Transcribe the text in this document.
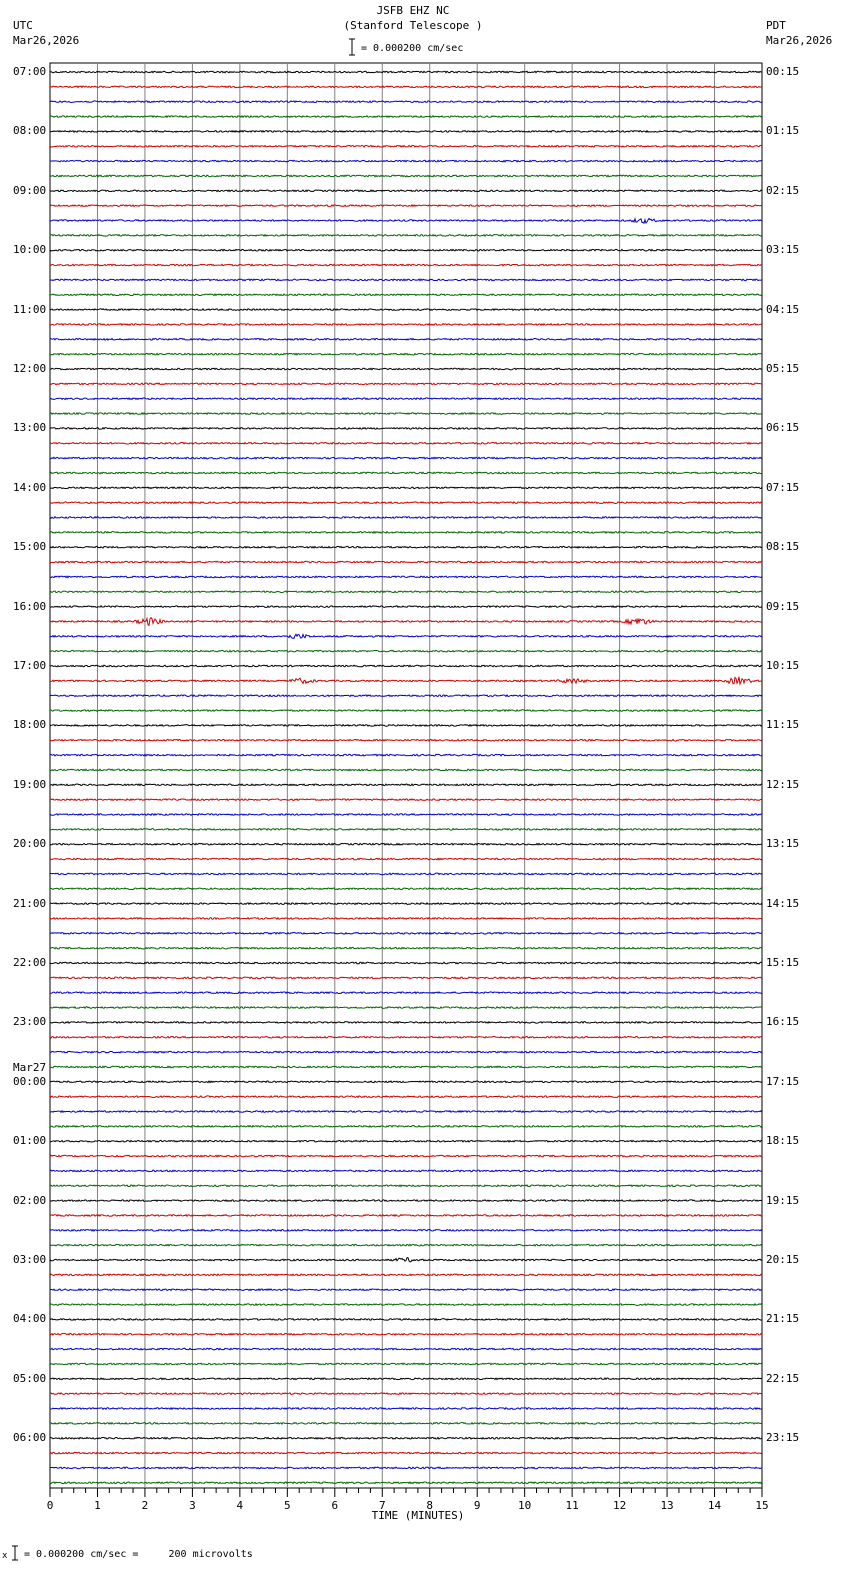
0	1	2	3	4	5	6	7	8	9	10	11	12	13	14	15
JSFB EHZ NC
(Stanford Telescope )
UTC
Mar26,2026
PDT
Mar26,2026
= 0.000200 cm/sec
07:00
08:00
09:00
10:00
11:00
12:00
13:00
14:00
15:00
16:00
17:00
18:00
19:00
20:00
21:00
22:00
23:00
00:00
Mar27
01:00
02:00
03:00
04:00
05:00
06:00
00:15
01:15
02:15
03:15
04:15
05:15
06:15
07:15
08:15
09:15
10:15
11:15
12:15
13:15
14:15
15:15
16:15
17:15
18:15
19:15
20:15
21:15
22:15
23:15
TIME (MINUTES)
x = 0.000200 cm/sec =     200 microvolts
